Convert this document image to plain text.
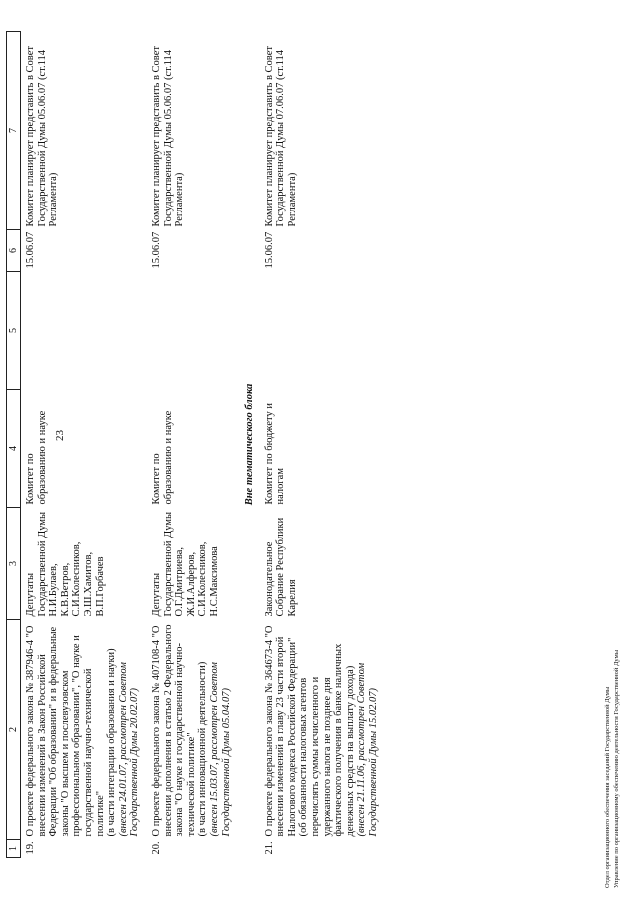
23
1	2	3	4	5	6	7
19.	О проекте федерального закона № 387946-4 "О внесении изменений в Закон Российской Федерации "Об образовании" и в федеральные законы "О высшем и послевузовском профессиональном образовании", "О науке и государственной научно-технической политике" (в части интеграции образования и науки) (внесен 24.01.07, рассмотрен Советом Государственной Думы 20.02.07)	Депутаты Государственной Думы Н.И.Булаев, К.В.Ветров, С.И.Колесников, Э.Ш.Хамитов, В.П.Горбачев	Комитет по образованию и науке		15.06.07	Комитет планирует представить в Совет Государственной Думы 05.06.07 (ст.114 Регламента)
20.	О проекте федерального закона № 407108-4 "О внесении дополнения в статью 2 Федерального закона "О науке и государственной научно-технической политике" (в части инновационной деятельности) (внесен 15.03.07, рассмотрен Советом Государственной Думы 05.04.07)	Депутаты Государственной Думы О.Г.Дмитриева, Ж.И.Алферов, С.И.Колесников, Н.С.Максимова	Комитет по образованию и науке		15.06.07	Комитет планирует представить в Совет Государственной Думы 05.06.07 (ст.114 Регламента)
Вне тематического блока						
21.	О проекте федерального закона № 364673-4 "О внесении изменений в главу 23 части второй Налогового кодекса Российской Федерации" (об обязанности налоговых агентов перечислять суммы исчисленного и удержанного налога не позднее дня фактического получения в банке наличных денежных средств на выплату дохода) (внесен 21.11.06, рассмотрен Советом Государственной Думы 15.02.07)	Законодательное Собрание Республики Карелия	Комитет по бюджету и налогам		15.06.07	Комитет планирует представить в Совет Государственной Думы 07.06.07 (ст.114 Регламента)
Отдел организационного обеспечения заседаний Государственной Думы Управление по организационному обеспечению деятельности Государственной Думы
